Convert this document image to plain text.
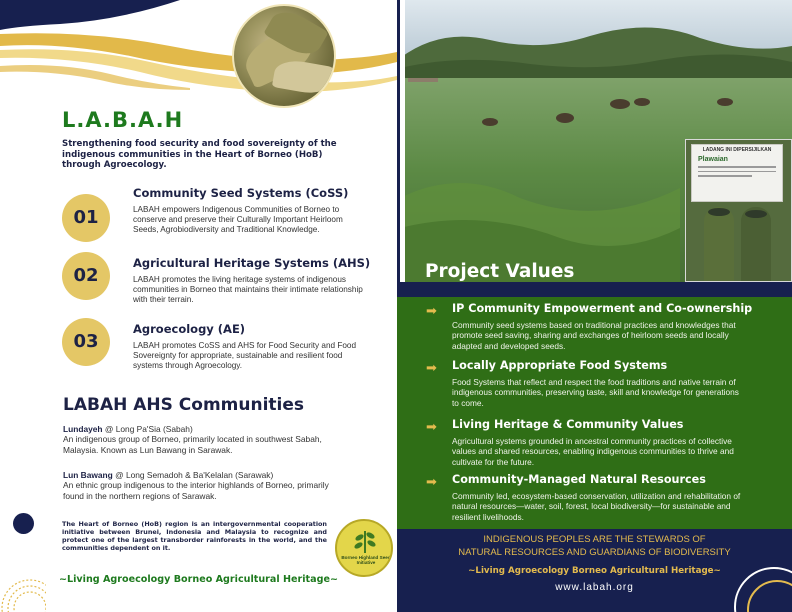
L.A.B.A.H
Strengthening food security and food sovereignty of the indigenous communities in the Heart of Borneo (HoB) through Agroecology.
01
Community Seed Systems (CoSS)
LABAH empowers Indigenous Communities of Borneo to conserve and preserve their Culturally Important Heirloom Seeds, Agrobiodiversity and Traditional Knowledge.
02
Agricultural Heritage Systems (AHS)
LABAH promotes the living heritage systems of indigenous communities in Borneo that maintains their intimate relationship with their terrain.
03
Agroecology (AE)
LABAH promotes CoSS and AHS for Food Security and Food Sovereignty for appropriate, sustainable and resilient food systems through Agroecology.
LABAH AHS Communities
Lundayeh @ Long Pa'Sia (Sabah)
An indigenous group of Borneo, primarily located in southwest Sabah, Malaysia. Known as Lun Bawang in Sarawak.
Lun Bawang @ Long Semadoh & Ba'Kelalan (Sarawak)
An ethnic group indigenous to the interior highlands of Borneo, primarily found in the northern regions of Sarawak.
The Heart of Borneo (HoB) region is an intergovernmental cooperation initiative between Brunei, Indonesia and Malaysia to recognize and protect one of the largest transborder rainforests in the world, and the communities dependent on it.
Borneo Highland Seed Initiative
~Living Agroecology Borneo Agricultural Heritage~
LADANG INI DIPERSIJILKAN
Plawaian
Project Values
➡ IP Community Empowerment and Co-ownership
Community seed systems based on traditional practices and knowledges that promote seed saving, sharing and exchanges of heirloom seeds and locally adapted and developed seeds.
➡ Locally Appropriate Food Systems
Food Systems that reflect and respect the food traditions and native terrain of indigenous communities, preserving taste, skill and knowledge for generations to come.
➡ Living Heritage & Community Values
Agricultural systems grounded in ancestral community practices of collective values and shared resources, enabling indigenous communities to thrive and cultivate for the future.
➡ Community-Managed Natural Resources
Community led, ecosystem-based conservation, utilization and rehabilitation of natural resources—water, soil, forest, local biodiversity—for sustainable and resilient livelihoods.
INDIGENOUS PEOPLES ARE THE STEWARDS OF
NATURAL RESOURCES AND GUARDIANS OF BIODIVERSITY
~Living Agroecology Borneo Agricultural Heritage~
www.labah.org
